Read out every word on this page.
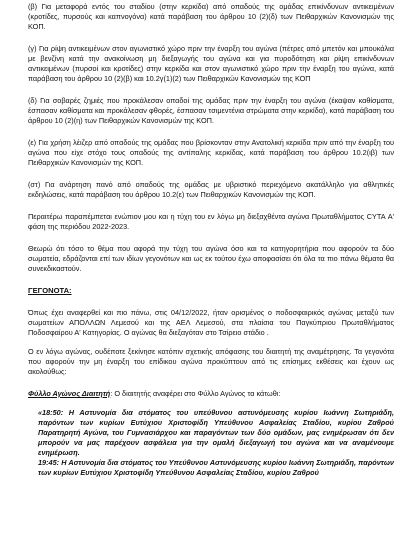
(β) Για μεταφορά εντός του σταδίου (στην κερκίδα) από οπαδούς της ομάδας επικίνδυνων αντικειμένων (κροτίδες, πυρσούς και καπνογόνα) κατά παράβαση του άρθρου 10 (2)(δ) των Πειθαρχικών Κανονισμών της ΚΟΠ.

(γ) Για ρίψη αντικειμένων στον αγωνιστικό χώρο πριν την έναρξη του αγώνα (πέτρες από μπετόν και μπουκάλια με βενζίνη κατά την ανακοίνωση μη διεξαγωγής του αγώνα και για πυροδότηση και ρίψη επικίνδυνων αντικειμένων (πυρσοί και κροτίδες) στην κερκίδα και στον αγωνιστικό χώρο πριν την έναρξη του αγώνα, κατά παράβαση του άρθρου 10 (2)(β) και 10.2γ(1)(2) των Πειθαρχικών Κανονισμών της ΚΟΠ

(δ) Για σοβαρές ζημιές που προκάλεσαν οπαδοί της ομάδας πριν την έναρξη του αγώνα (έκαψαν καθίσματα, έσπασαν καθίσματα και προκάλεσαν φθορές, έσπασαν τσιμεντένια στρώματα στην κερκίδα), κατά παράβαση του άρθρου 10 (2)(η) των Πειθαρχικών Κανονισμών της ΚΟΠ.

(ε) Για χρήση λέιζερ από οπαδούς της ομάδας που βρίσκονταν στην Ανατολική κερκίδα πριν από την έναρξη του αγώνα που είχε στόχο τους οπαδούς της αντίπαλης κερκίδας, κατά παράβαση του άρθρου 10.2(ιβ) των Πειθαρχικών Κανονισμών της ΚΟΠ.

(στ) Για ανάρτηση πανό από οπαδούς της ομάδας με υβριστικό περιεχόμενο ακατάλληλο για αθλητικές εκδηλώσεις, κατά παράβαση του άρθρου 10.2(ε) των Πειθαρχικών Κανονισμών της ΚΟΠ.

Περαιτέρω παραπέμπεται ενώπιον μου και η τύχη του εν λόγω μη διεξαχθέντα αγώνα Πρωταθλήματος CYTA Α' φάση της περιόδου 2022-2023.

Θεωρώ ότι τόσο το θέμα που αφορά την τύχη του αγώνα όσο και τα κατηγορητήρια που αφορούν τα δύο σωματεία, εδράζονται επί των ιδίων γεγονότων και ως εκ τούτου έχω αποφασίσει ότι όλα τα πιο πάνω θέματα θα συνεκδικαστούν.

ΓΕΓΟΝΟΤΑ:

Όπως έχει αναφερθεί και πιο πάνω, στις 04/12/2022, ήταν ορισμένος ο ποδοσφαιρικός αγώνας μεταξύ των σωματείων ΑΠΟΛΛΩΝ Λεμεσού και της ΑΕΛ Λεμεσού, στα πλαίσια του Παγκύπριου Πρωταθλήματος Ποδοσφαίρου Α' Κατηγορίας. Ο αγώνας θα διεξαγόταν στο Τσίρειο στάδιο .

Ο εν λόγω αγώνας, ουδέποτε ξεκίνησε κατόπιν σχετικής απόφασης του διαιτητή της αναμέτρησης. Τα γεγονότα που αφορούν την μη έναρξη του επίδικου αγώνα προκύπτουν από τις επίσημες εκθέσεις και έχουν ως ακολούθως:

Φύλλο Αγώνος Διαιτητή: Ο διαιτητής αναφέρει στο Φύλλο Αγώνος τα κάτωθι:

«18:50: Η Αστυνομία δια στόματος του υπεύθυνου αστυνόμευσης κυρίου Ιωάννη Σωτηριάδη, παρόντων των κυρίων Ευτύχιου Χριστοφίδη Υπεύθυνου Ασφαλείας Σταδίου, κυρίου Ζαθρού Παρατηρητή Αγώνα, του Γυμνασιάρχου και παραγόντων των δύο ομάδων, μας ενημέρωσαν ότι δεν μπορούν να μας παρέχουν ασφάλεια για την ομαλή διεξαγωγή του αγώνα και να αναμένουμε ενημέρωση.

19:45: Η Αστυνομία δια στόματος του Υπεύθυνου Αστυνόμευσης κυρίου Ιωάννη Σωτηριάδη, παρόντων των κυρίων Ευτύχιου Χριστοφίδη Υπεύθυνου Ασφαλείας Σταδίου, κυρίου Ζαθρού
